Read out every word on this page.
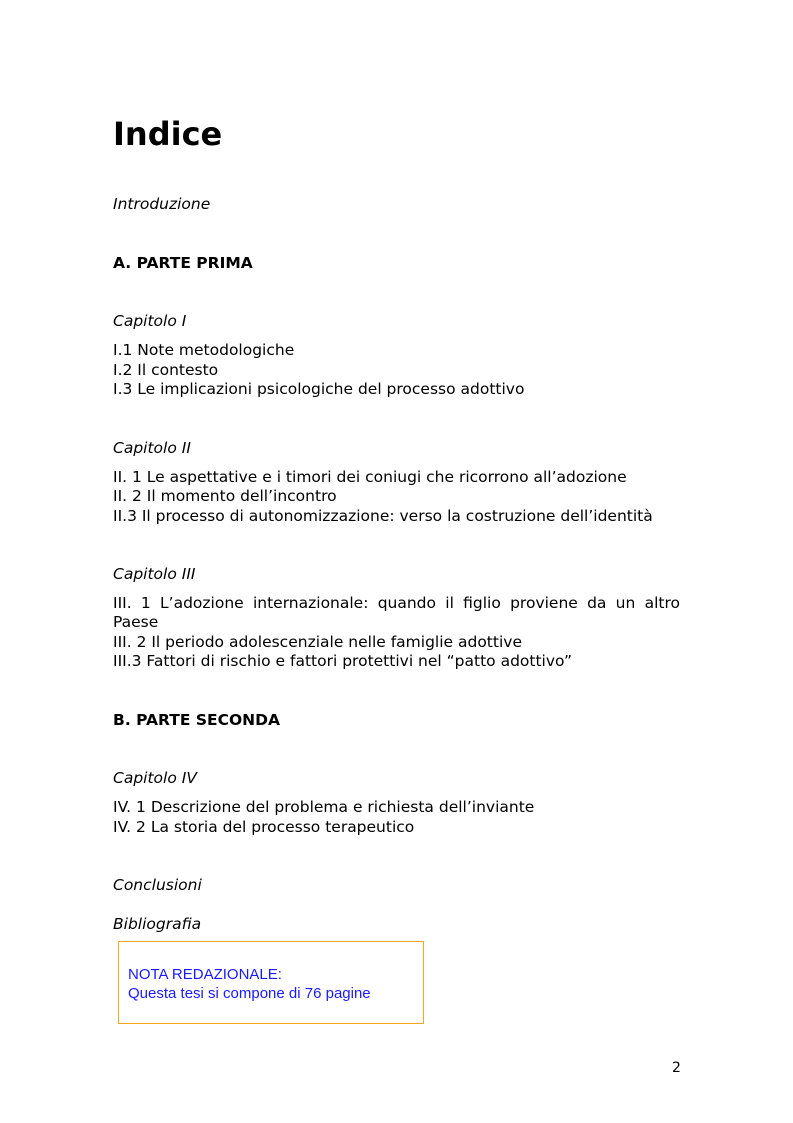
Indice
Introduzione
A. PARTE PRIMA
Capitolo I
I.1 Note metodologiche
I.2 Il contesto
I.3 Le implicazioni psicologiche del processo adottivo
Capitolo II
II. 1 Le aspettative e i timori dei coniugi che ricorrono all’adozione
II. 2 Il momento dell’incontro
II.3 Il processo di autonomizzazione: verso la costruzione dell’identità
Capitolo III
III. 1 L’adozione internazionale: quando il figlio proviene da un altro
Paese
III. 2 Il periodo adolescenziale nelle famiglie adottive
III.3 Fattori di rischio e fattori protettivi nel “patto adottivo”
B. PARTE SECONDA
Capitolo IV
IV. 1 Descrizione del problema e richiesta dell’inviante
IV. 2 La storia del processo terapeutico
Conclusioni
Bibliografia
NOTA REDAZIONALE:
Questa tesi si compone di 76 pagine
2
